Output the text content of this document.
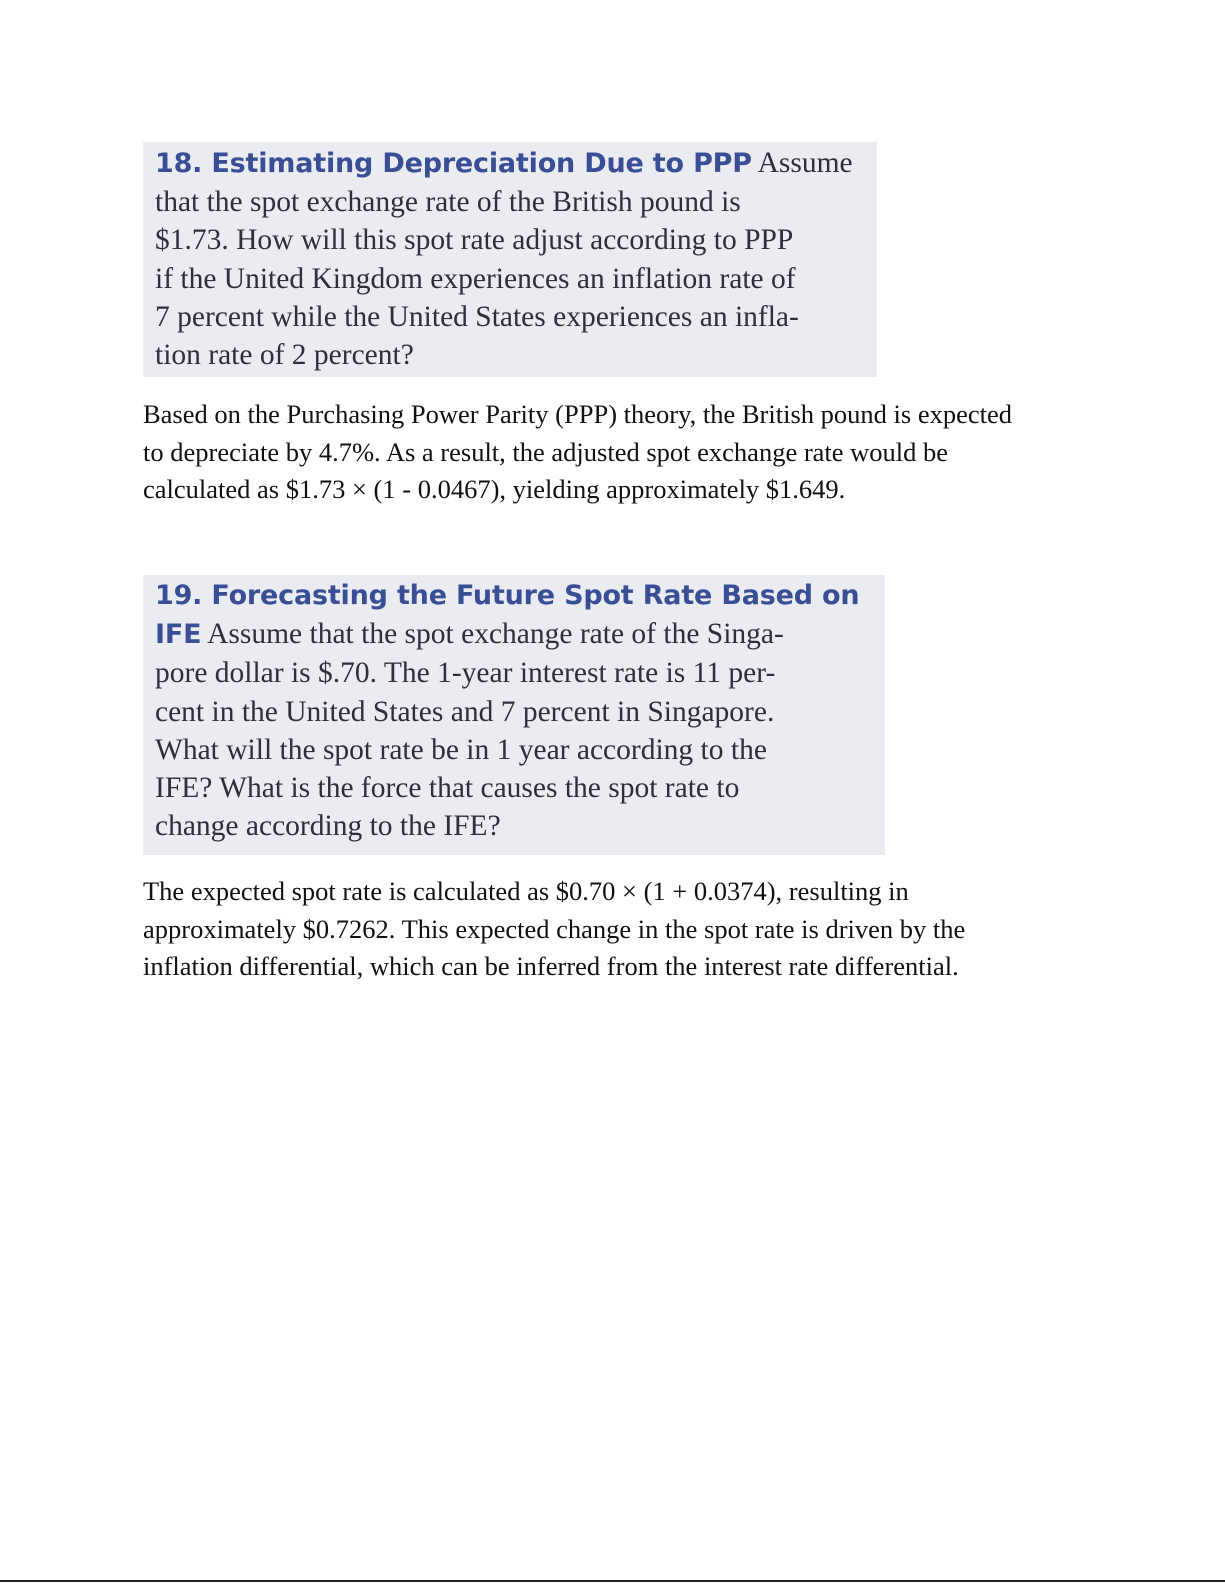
18. Estimating Depreciation Due to PPP Assume
that the spot exchange rate of the British pound is
$1.73. How will this spot rate adjust according to PPP
if the United Kingdom experiences an inflation rate of
7 percent while the United States experiences an infla-
tion rate of 2 percent?
Based on the Purchasing Power Parity (PPP) theory, the British pound is expected
to depreciate by 4.7%. As a result, the adjusted spot exchange rate would be
calculated as $1.73 × (1 - 0.0467), yielding approximately $1.649.
19. Forecasting the Future Spot Rate Based on
IFE Assume that the spot exchange rate of the Singa-
pore dollar is $.70. The 1-year interest rate is 11 per-
cent in the United States and 7 percent in Singapore.
What will the spot rate be in 1 year according to the
IFE? What is the force that causes the spot rate to
change according to the IFE?
The expected spot rate is calculated as $0.70 × (1 + 0.0374), resulting in
approximately $0.7262. This expected change in the spot rate is driven by the
inflation differential, which can be inferred from the interest rate differential.
